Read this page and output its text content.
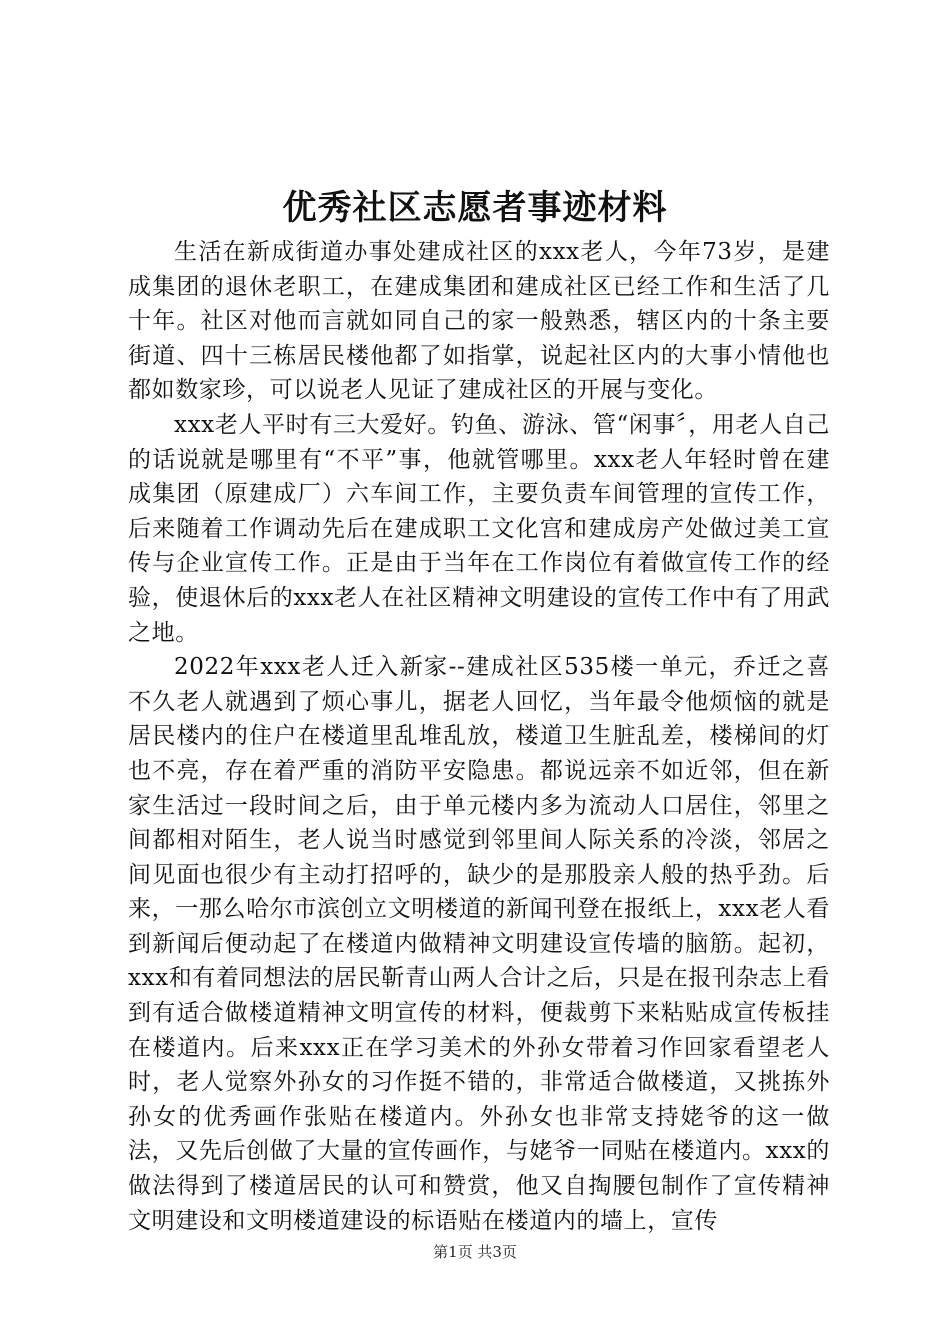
优秀社区志愿者事迹材料

生活在新成街道办事处建成社区的xxx老人，今年73岁，是建成集团的退休老职工，在建成集团和建成社区已经工作和生活了几十年。社区对他而言就如同自己的家一般熟悉，辖区内的十条主要街道、四十三栋居民楼他都了如指掌，说起社区内的大事小情他也都如数家珍，可以说老人见证了建成社区的开展与变化。

xxx老人平时有三大爱好。钓鱼、游泳、管“闲事〞，用老人自己的话说就是哪里有“不平”事，他就管哪里。xxx老人年轻时曾在建成集团（原建成厂）六车间工作，主要负责车间管理的宣传工作，后来随着工作调动先后在建成职工文化宫和建成房产处做过美工宣传与企业宣传工作。正是由于当年在工作岗位有着做宣传工作的经验，使退休后的xxx老人在社区精神文明建设的宣传工作中有了用武之地。

2022年xxx老人迁入新家--建成社区535楼一单元，乔迁之喜不久老人就遇到了烦心事儿，据老人回忆，当年最令他烦恼的就是居民楼内的住户在楼道里乱堆乱放，楼道卫生脏乱差，楼梯间的灯也不亮，存在着严重的消防平安隐患。都说远亲不如近邻，但在新家生活过一段时间之后，由于单元楼内多为流动人口居住，邻里之间都相对陌生，老人说当时感觉到邻里间人际关系的冷淡，邻居之间见面也很少有主动打招呼的，缺少的是那股亲人般的热乎劲。后来，一那么哈尔市滨创立文明楼道的新闻刊登在报纸上，xxx老人看到新闻后便动起了在楼道内做精神文明建设宣传墙的脑筋。起初，xxx和有着同想法的居民靳青山两人合计之后，只是在报刊杂志上看到有适合做楼道精神文明宣传的材料，便裁剪下来粘贴成宣传板挂在楼道内。后来xxx正在学习美术的外孙女带着习作回家看望老人时，老人觉察外孙女的习作挺不错的，非常适合做楼道，又挑拣外孙女的优秀画作张贴在楼道内。外孙女也非常支持姥爷的这一做法，又先后创做了大量的宣传画作，与姥爷一同贴在楼道内。xxx的做法得到了楼道居民的认可和赞赏，他又自掏腰包制作了宣传精神文明建设和文明楼道建设的标语贴在楼道内的墙上，宣传

第1页 共3页
